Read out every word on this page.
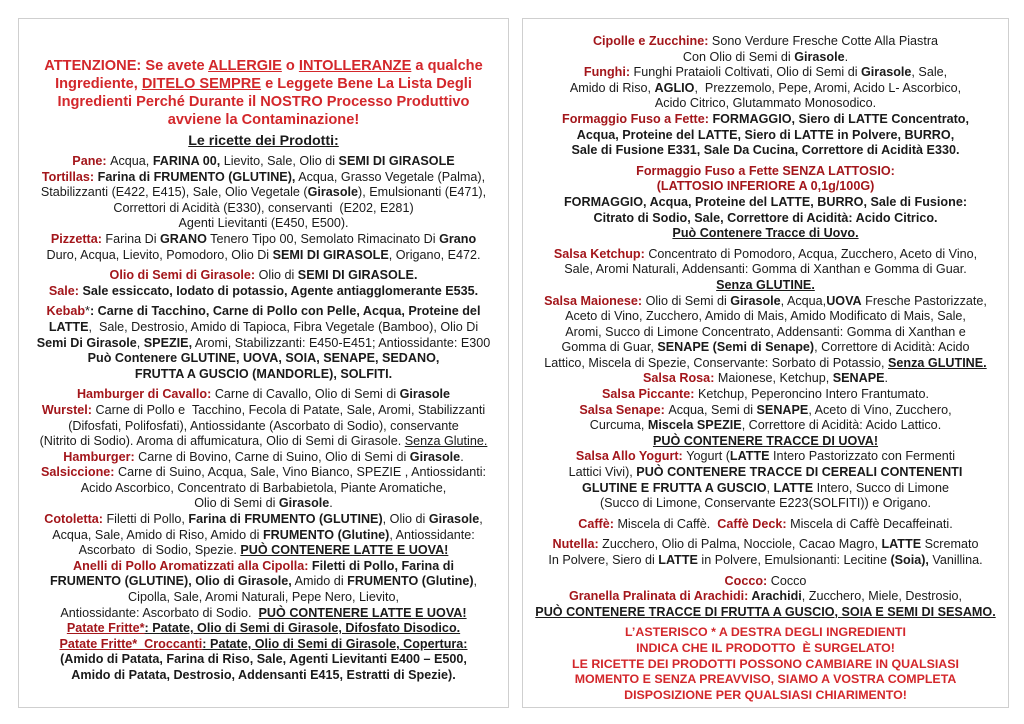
ATTENZIONE: Se avete ALLERGIE o INTOLLERANZE a qualche
Ingrediente, DITELO SEMPRE e Leggete Bene La Lista Degli
Ingredienti Perché Durante il NOSTRO Processo Produttivo
avviene la Contaminazione!
Le ricette dei Prodotti:
Pane: Acqua, FARINA 00, Lievito, Sale, Olio di SEMI DI GIRASOLE
Tortillas: Farina di FRUMENTO (GLUTINE), Acqua, Grasso Vegetale (Palma),
Stabilizzanti (E422, E415), Sale, Olio Vegetale (Girasole), Emulsionanti (E471),
Correttori di Acidità (E330), conservanti  (E202, E281)
Agenti Lievitanti (E450, E500).
Pizzetta: Farina Di GRANO Tenero Tipo 00, Semolato Rimacinato Di Grano
Duro, Acqua, Lievito, Pomodoro, Olio Di SEMI DI GIRASOLE, Origano, E472.
Olio di Semi di Girasole: Olio di SEMI DI GIRASOLE.
Sale: Sale essiccato, Iodato di potassio, Agente antiagglomerante E535.
Kebab*: Carne di Tacchino, Carne di Pollo con Pelle, Acqua, Proteine del
LATTE,  Sale, Destrosio, Amido di Tapioca, Fibra Vegetale (Bamboo), Olio Di
Semi Di Girasole, SPEZIE, Aromi, Stabilizzanti: E450-E451; Antiossidante: E300
Può Contenere GLUTINE, UOVA, SOIA, SENAPE, SEDANO,
FRUTTA A GUSCIO (MANDORLE), SOLFITI.
Hamburger di Cavallo: Carne di Cavallo, Olio di Semi di Girasole
Wurstel: Carne di Pollo e  Tacchino, Fecola di Patate, Sale, Aromi, Stabilizzanti
(Difosfati, Polifosfati), Antiossidante (Ascorbato di Sodio), conservante
(Nitrito di Sodio). Aroma di affumicatura, Olio di Semi di Girasole. Senza Glutine.
Hamburger: Carne di Bovino, Carne di Suino, Olio di Semi di Girasole.
Salsiccione: Carne di Suino, Acqua, Sale, Vino Bianco, SPEZIE , Antiossidanti:
Acido Ascorbico, Concentrato di Barbabietola, Piante Aromatiche,
Olio di Semi di Girasole.
Cotoletta: Filetti di Pollo, Farina di FRUMENTO (GLUTINE), Olio di Girasole,
Acqua, Sale, Amido di Riso, Amido di FRUMENTO (Glutine), Antiossidante:
Ascorbato  di Sodio, Spezie. PUÒ CONTENERE LATTE E UOVA!
Anelli di Pollo Aromatizzati alla Cipolla: Filetti di Pollo, Farina di
FRUMENTO (GLUTINE), Olio di Girasole, Amido di FRUMENTO (Glutine),
Cipolla, Sale, Aromi Naturali, Pepe Nero, Lievito,
Antiossidante: Ascorbato di Sodio.  PUÒ CONTENERE LATTE E UOVA!
Patate Fritte*: Patate, Olio di Semi di Girasole, Difosfato Disodico.
Patate Fritte*  Croccanti: Patate, Olio di Semi di Girasole, Copertura:
(Amido di Patata, Farina di Riso, Sale, Agenti Lievitanti E400 – E500,
Amido di Patata, Destrosio, Addensanti E415, Estratti di Spezie).
Cipolle e Zucchine: Sono Verdure Fresche Cotte Alla Piastra
Con Olio di Semi di Girasole.
Funghi: Funghi Prataioli Coltivati, Olio di Semi di Girasole, Sale,
Amido di Riso, AGLIO,  Prezzemolo, Pepe, Aromi, Acido L- Ascorbico,
Acido Citrico, Glutammato Monosodico.
Formaggio Fuso a Fette: FORMAGGIO, Siero di LATTE Concentrato,
Acqua, Proteine del LATTE, Siero di LATTE in Polvere, BURRO,
Sale di Fusione E331, Sale Da Cucina, Correttore di Acidità E330.
Formaggio Fuso a Fette SENZA LATTOSIO:
(LATTOSIO INFERIORE A 0,1g/100G)
FORMAGGIO, Acqua, Proteine del LATTE, BURRO, Sale di Fusione:
Citrato di Sodio, Sale, Correttore di Acidità: Acido Citrico.
Può Contenere Tracce di Uovo.
Salsa Ketchup: Concentrato di Pomodoro, Acqua, Zucchero, Aceto di Vino,
Sale, Aromi Naturali, Addensanti: Gomma di Xanthan e Gomma di Guar.
Senza GLUTINE.
Salsa Maionese: Olio di Semi di Girasole, Acqua,UOVA Fresche Pastorizzate,
Aceto di Vino, Zucchero, Amido di Mais, Amido Modificato di Mais, Sale,
Aromi, Succo di Limone Concentrato, Addensanti: Gomma di Xanthan e
Gomma di Guar, SENAPE (Semi di Senape), Correttore di Acidità: Acido
Lattico, Miscela di Spezie, Conservante: Sorbato di Potassio, Senza GLUTINE.
Salsa Rosa: Maionese, Ketchup, SENAPE.
Salsa Piccante: Ketchup, Peperoncino Intero Frantumato.
Salsa Senape: Acqua, Semi di SENAPE, Aceto di Vino, Zucchero,
Curcuma, Miscela SPEZIE, Correttore di Acidità: Acido Lattico.
PUÒ CONTENERE TRACCE DI UOVA!
Salsa Allo Yogurt: Yogurt (LATTE Intero Pastorizzato con Fermenti
Lattici Vivi), PUÒ CONTENERE TRACCE DI CEREALI CONTENENTI
GLUTINE E FRUTTA A GUSCIO, LATTE Intero, Succo di Limone
(Succo di Limone, Conservante E223(SOLFITI)) e Origano.
Caffè: Miscela di Caffè.  Caffè Deck: Miscela di Caffè Decaffeinati.
Nutella: Zucchero, Olio di Palma, Nocciole, Cacao Magro, LATTE Scremato
In Polvere, Siero di LATTE in Polvere, Emulsionanti: Lecitine (Soia), Vanillina.
Cocco: Cocco
Granella Pralinata di Arachidi: Arachidi, Zucchero, Miele, Destrosio,
PUÒ CONTENERE TRACCE DI FRUTTA A GUSCIO, SOIA E SEMI DI SESAMO.
L’ASTERISCO * A DESTRA DEGLI INGREDIENTI
INDICA CHE IL PRODOTTO  È SURGELATO!
LE RICETTE DEI PRODOTTI POSSONO CAMBIARE IN QUALSIASI
MOMENTO E SENZA PREAVVISO, SIAMO A VOSTRA COMPLETA
DISPOSIZIONE PER QUALSIASI CHIARIMENTO!
